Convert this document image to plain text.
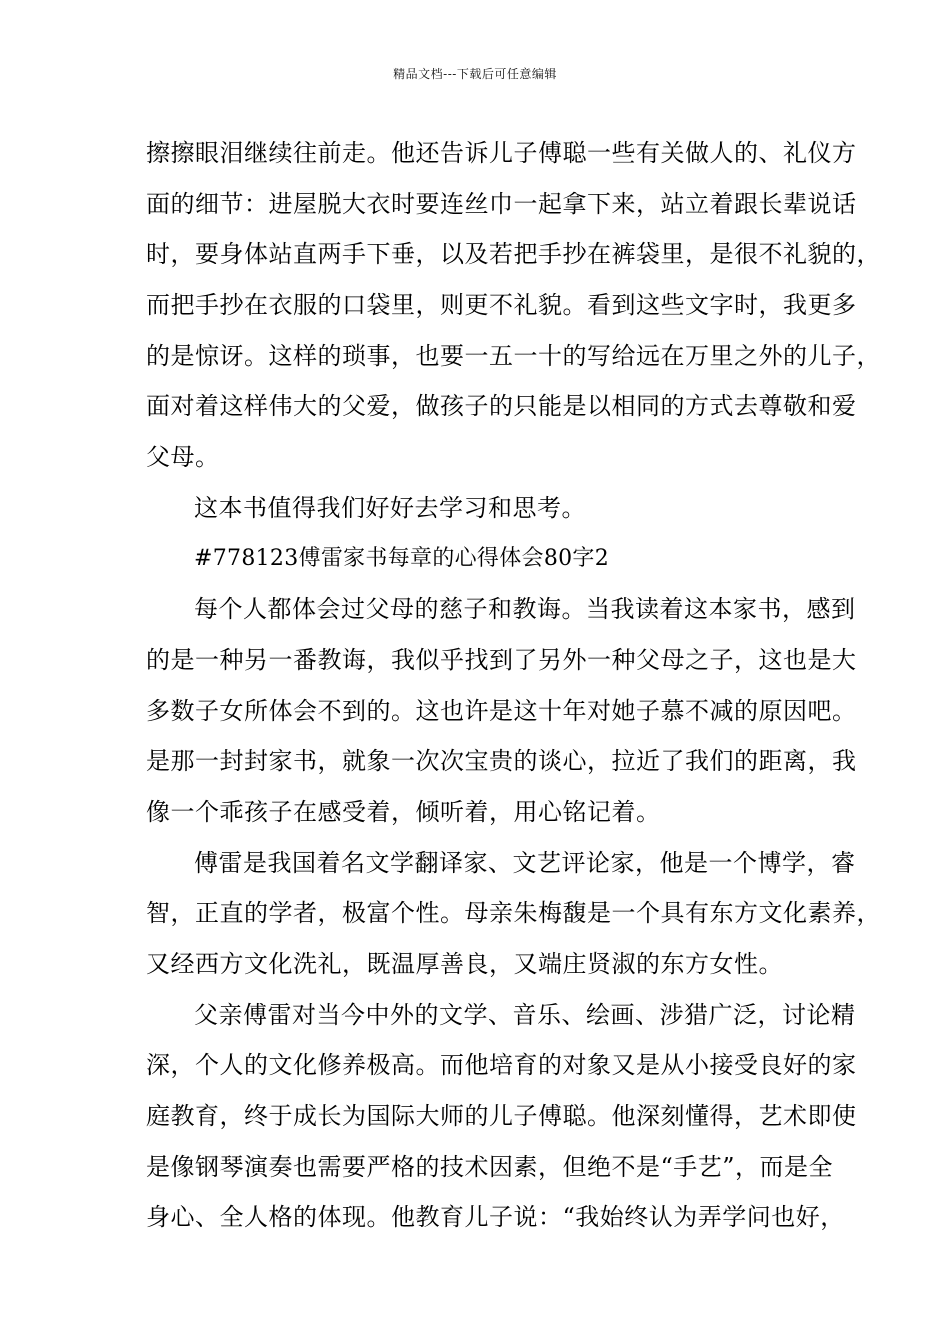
精品文档---下载后可任意编辑
擦擦眼泪继续往前走。他还告诉儿子傅聪一些有关做人的、礼仪方
面的细节：进屋脱大衣时要连丝巾一起拿下来，站立着跟长辈说话
时，要身体站直两手下垂，以及若把手抄在裤袋里，是很不礼貌的，
而把手抄在衣服的口袋里，则更不礼貌。看到这些文字时，我更多
的是惊讶。这样的琐事，也要一五一十的写给远在万里之外的儿子，
面对着这样伟大的父爱，做孩子的只能是以相同的方式去尊敬和爱
父母。
这本书值得我们好好去学习和思考。
#778123傅雷家书每章的心得体会80字2
每个人都体会过父母的慈子和教诲。当我读着这本家书，感到
的是一种另一番教诲，我似乎找到了另外一种父母之子，这也是大
多数子女所体会不到的。这也许是这十年对她子慕不减的原因吧。
是那一封封家书，就象一次次宝贵的谈心，拉近了我们的距离，我
像一个乖孩子在感受着，倾听着，用心铭记着。
傅雷是我国着名文学翻译家、文艺评论家，他是一个博学，睿
智，正直的学者，极富个性。母亲朱梅馥是一个具有东方文化素养，
又经西方文化洗礼，既温厚善良，又端庄贤淑的东方女性。
父亲傅雷对当今中外的文学、音乐、绘画、涉猎广泛，讨论精
深，个人的文化修养极高。而他培育的对象又是从小接受良好的家
庭教育，终于成长为国际大师的儿子傅聪。他深刻懂得，艺术即使
是像钢琴演奏也需要严格的技术因素，但绝不是“手艺”，而是全
身心、全人格的体现。他教育儿子说：“我始终认为弄学问也好，
